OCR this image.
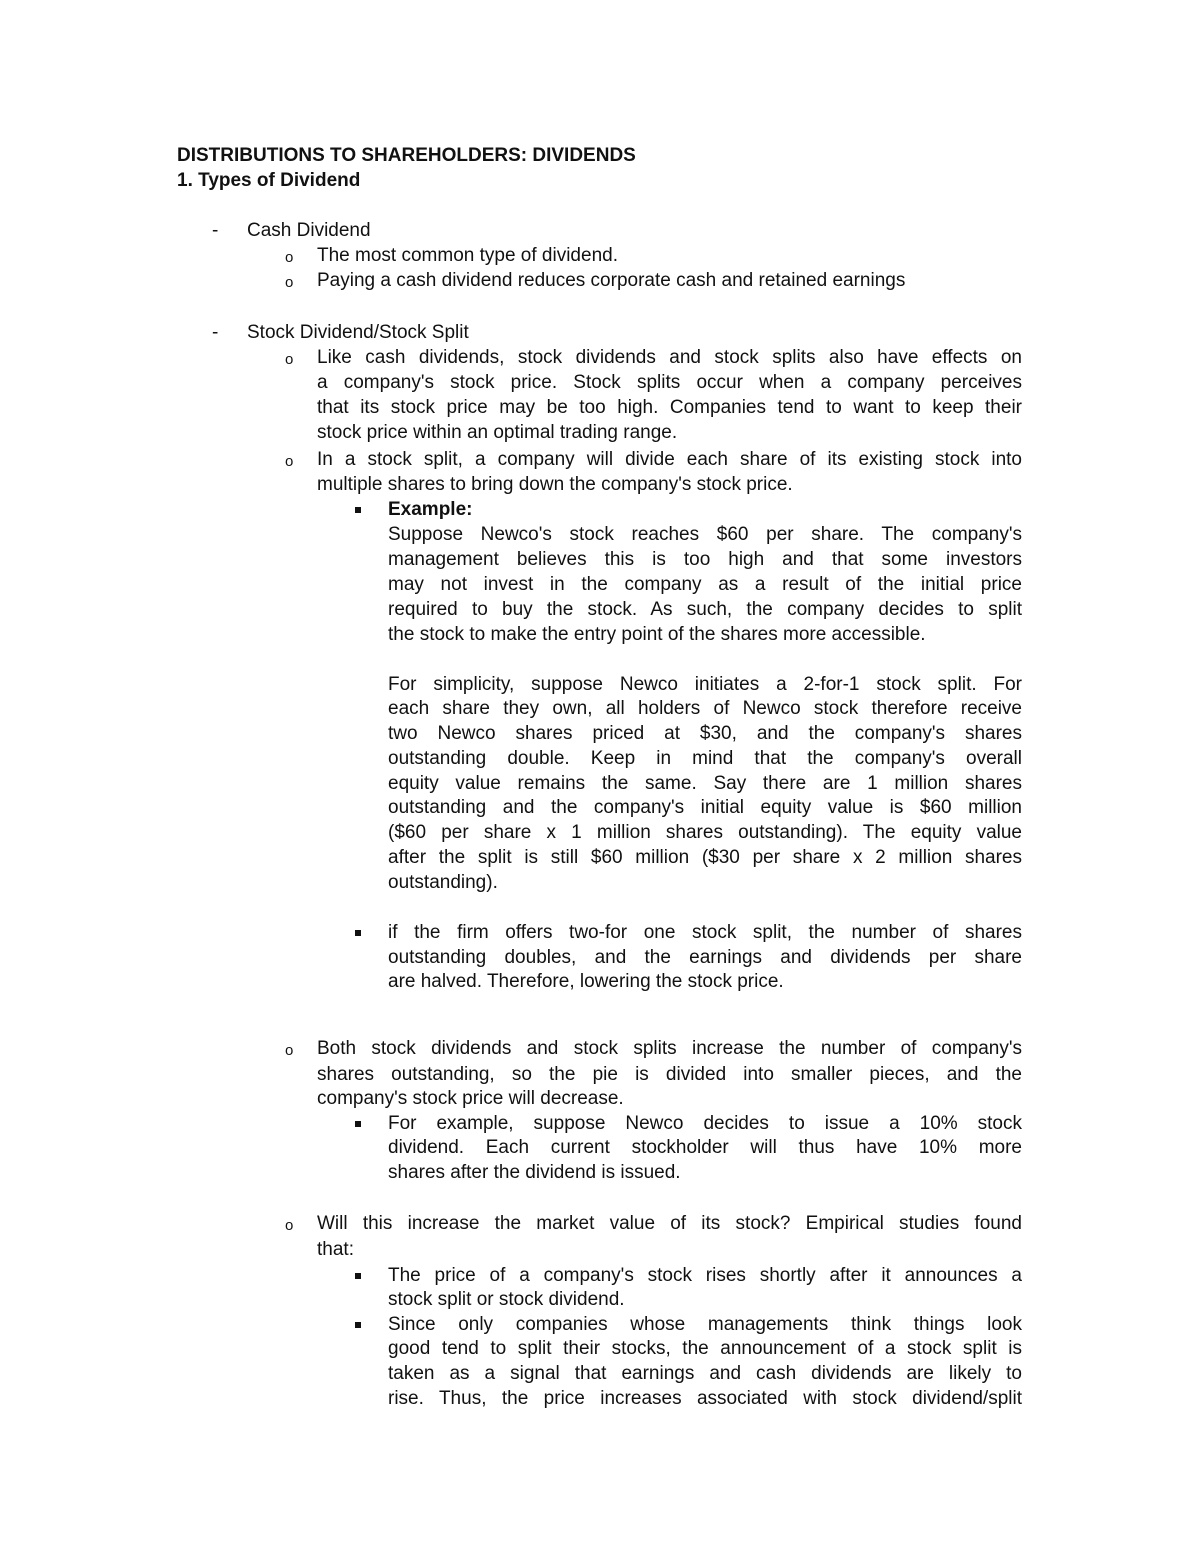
DISTRIBUTIONS TO SHAREHOLDERS: DIVIDENDS
1. Types of Dividend
- Cash Dividend
o The most common type of dividend.
o Paying a cash dividend reduces corporate cash and retained earnings
- Stock Dividend/Stock Split
o Like cash dividends, stock dividends and stock splits also have effects on
a company's stock price. Stock splits occur when a company perceives
that its stock price may be too high. Companies tend to want to keep their
stock price within an optimal trading range.
o In a stock split, a company will divide each share of its existing stock into
multiple shares to bring down the company's stock price.
Example:
Suppose Newco's stock reaches $60 per share. The company's
management believes this is too high and that some investors
may not invest in the company as a result of the initial price
required to buy the stock. As such, the company decides to split
the stock to make the entry point of the shares more accessible.
For simplicity, suppose Newco initiates a 2-for-1 stock split. For
each share they own, all holders of Newco stock therefore receive
two Newco shares priced at $30, and the company's shares
outstanding double. Keep in mind that the company's overall
equity value remains the same. Say there are 1 million shares
outstanding and the company's initial equity value is $60 million
($60 per share x 1 million shares outstanding). The equity value
after the split is still $60 million ($30 per share x 2 million shares
outstanding).
if the firm offers two-for one stock split, the number of shares
outstanding doubles, and the earnings and dividends per share
are halved. Therefore, lowering the stock price.
o Both stock dividends and stock splits increase the number of company's
shares outstanding, so the pie is divided into smaller pieces, and the
company's stock price will decrease.
For example, suppose Newco decides to issue a 10% stock
dividend. Each current stockholder will thus have 10% more
shares after the dividend is issued.
o Will this increase the market value of its stock? Empirical studies found
that:
The price of a company's stock rises shortly after it announces a
stock split or stock dividend.
Since only companies whose managements think things look
good tend to split their stocks, the announcement of a stock split is
taken as a signal that earnings and cash dividends are likely to
rise. Thus, the price increases associated with stock dividend/split
